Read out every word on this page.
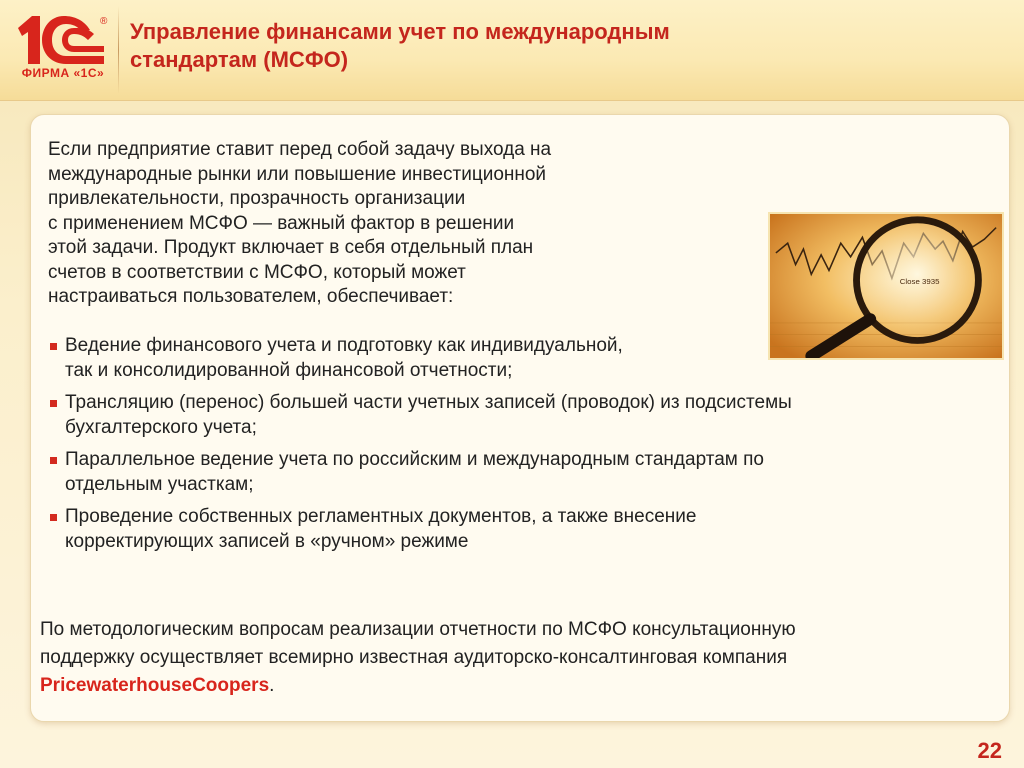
®
ФИРМА «1С»
Управление финансами учет по международным
стандартам (МСФО)
Если предприятие ставит перед собой задачу выхода на
международные рынки или повышение инвестиционной
привлекательности, прозрачность организации
с применением МСФО — важный фактор в решении
этой задачи. Продукт включает в себя отдельный план
счетов в соответствии с МСФО, который может
настраиваться пользователем, обеспечивает:
Close 3935
Ведение финансового учета и подготовку как индивидуальной,
так и консолидированной финансовой отчетности;
Трансляцию (перенос) большей части учетных записей (проводок) из подсистемы
бухгалтерского учета;
Параллельное ведение учета по российским и международным стандартам по
отдельным участкам;
Проведение собственных регламентных документов, а также внесение
корректирующих записей в «ручном» режиме
По методологическим вопросам реализации отчетности по МСФО консультационную
поддержку осуществляет всемирно известная аудиторско-консалтинговая компания
PricewaterhouseCoopers.
22
